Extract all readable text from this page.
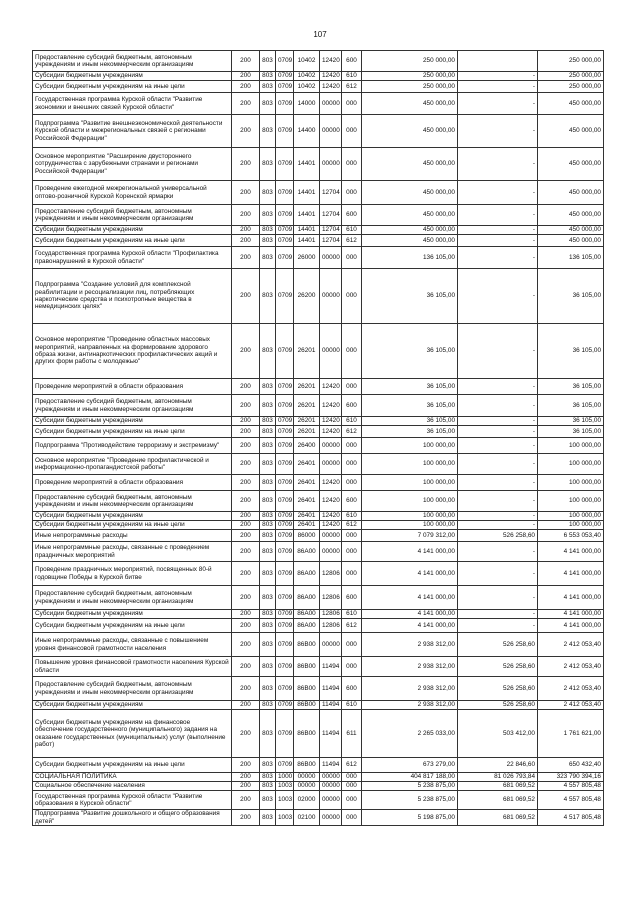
107
Предоставление субсидий бюджетным, автономным учреждениям и иным некоммерческим организациям	200	803	0709	10402	12420	600	250 000,00		250 000,00
Субсидии бюджетным учреждениям	200	803	0709	10402	12420	610	250 000,00	-	250 000,00
Субсидии бюджетным учреждениям на иные цели	200	803	0709	10402	12420	612	250 000,00	-	250 000,00
Государственная программа Курской области "Развитие экономики и внешних связей Курской области"	200	803	0709	14000	00000	000	450 000,00	-	450 000,00
Подпрограмма "Развитие внешнеэкономической деятельности Курской области и межрегиональных связей с регионами Российской Федерации"	200	803	0709	14400	00000	000	450 000,00	-	450 000,00
Основное мероприятие "Расширение двустороннего сотрудничества с зарубежными странами и регионами Российской Федерации"	200	803	0709	14401	00000	000	450 000,00	-	450 000,00
Проведение ежегодной межрегиональной универсальной оптово-розничной Курской Коренской ярмарки	200	803	0709	14401	12704	000	450 000,00	-	450 000,00
Предоставление субсидий бюджетным, автономным учреждениям и иным некоммерческим организациям	200	803	0709	14401	12704	600	450 000,00	-	450 000,00
Субсидии бюджетным учреждениям	200	803	0709	14401	12704	610	450 000,00	-	450 000,00
Субсидии бюджетным учреждениям на иные цели	200	803	0709	14401	12704	612	450 000,00	-	450 000,00
Государственная программа Курской области "Профилактика правонарушений в Курской области"	200	803	0709	26000	00000	000	136 105,00	-	136 105,00
Подпрограмма "Создание условий для комплексной реабилитации и ресоциализации лиц, потребляющих наркотические средства и психотропные вещества в немедицинских целях"	200	803	0709	26200	00000	000	36 105,00	-	36 105,00
Основное мероприятие "Проведение областных массовых мероприятий, направленных на формирование здорового образа жизни, антинаркотических профилактических акций и других форм работы с молодежью"	200	803	0709	26201	00000	000	36 105,00	-	36 105,00
Проведение мероприятий в области образования	200	803	0709	26201	12420	000	36 105,00	-	36 105,00
Предоставление субсидий бюджетным, автономным учреждениям и иным некоммерческим организациям	200	803	0709	26201	12420	600	36 105,00	-	36 105,00
Субсидии бюджетным учреждениям	200	803	0709	26201	12420	610	36 105,00	-	36 105,00
Субсидии бюджетным учреждениям на иные цели	200	803	0709	26201	12420	612	36 105,00	-	36 105,00
Подпрограмма "Противодействие терроризму и экстремизму"	200	803	0709	26400	00000	000	100 000,00	-	100 000,00
Основное мероприятие "Проведение профилактической и информационно-пропагандистской работы"	200	803	0709	26401	00000	000	100 000,00	-	100 000,00
Проведение мероприятий в области образования	200	803	0709	26401	12420	000	100 000,00	-	100 000,00
Предоставление субсидий бюджетным, автономным учреждениям и иным некоммерческим организациям	200	803	0709	26401	12420	600	100 000,00	-	100 000,00
Субсидии бюджетным учреждениям	200	803	0709	26401	12420	610	100 000,00	-	100 000,00
Субсидии бюджетным учреждениям на иные цели	200	803	0709	26401	12420	612	100 000,00	-	100 000,00
Иные непрограммные расходы	200	803	0709	86000	00000	000	7 079 312,00	526 258,60	6 553 053,40
Иные непрограммные расходы, связанные с проведением праздничных мероприятий	200	803	0709	86A00	00000	000	4 141 000,00	-	4 141 000,00
Проведение праздничных мероприятий, посвященных 80-й годовщине Победы в Курской битве	200	803	0709	86A00	12806	000	4 141 000,00	-	4 141 000,00
Предоставление субсидий бюджетным, автономным учреждениям и иным некоммерческим организациям	200	803	0709	86A00	12806	600	4 141 000,00	-	4 141 000,00
Субсидии бюджетным учреждениям	200	803	0709	86A00	12806	610	4 141 000,00	-	4 141 000,00
Субсидии бюджетным учреждениям на иные цели	200	803	0709	86A00	12806	612	4 141 000,00	-	4 141 000,00
Иные непрограммные расходы, связанные с повышением уровня финансовой грамотности населения	200	803	0709	86B00	00000	000	2 938 312,00	526 258,60	2 412 053,40
Повышение уровня финансовой грамотности населения Курской области	200	803	0709	86B00	11494	000	2 938 312,00	526 258,60	2 412 053,40
Предоставление субсидий бюджетным, автономным учреждениям и иным некоммерческим организациям	200	803	0709	86B00	11494	600	2 938 312,00	526 258,60	2 412 053,40
Субсидии бюджетным учреждениям	200	803	0709	86B00	11494	610	2 938 312,00	526 258,60	2 412 053,40
Субсидии бюджетным учреждениям на финансовое обеспечение государственного (муниципального) задания на оказание государственных (муниципальных) услуг (выполнение работ)	200	803	0709	86B00	11494	611	2 265 033,00	503 412,00	1 761 621,00
Субсидии бюджетным учреждениям на иные цели	200	803	0709	86B00	11494	612	673 279,00	22 846,60	650 432,40
СОЦИАЛЬНАЯ ПОЛИТИКА	200	803	1000	00000	00000	000	404 817 188,00	81 026 793,84	323 790 394,16
Социальное обеспечение населения	200	803	1003	00000	00000	000	5 238 875,00	681 069,52	4 557 805,48
Государственная программа Курской области "Развитие образования в Курской области"	200	803	1003	02000	00000	000	5 238 875,00	681 069,52	4 557 805,48
Подпрограмма "Развитие дошкольного и общего образования детей"	200	803	1003	02100	00000	000	5 198 875,00	681 069,52	4 517 805,48
